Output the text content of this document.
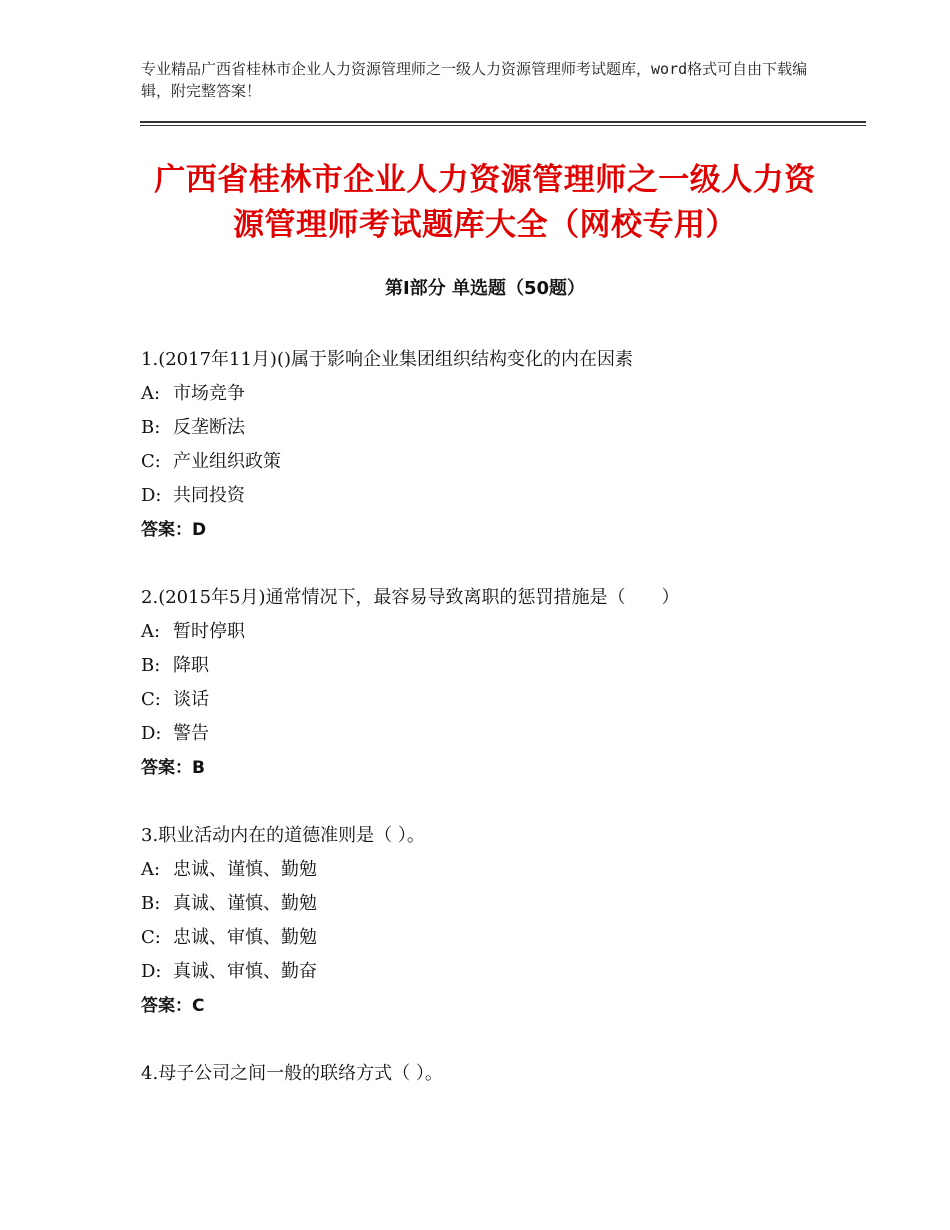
专业精品广西省桂林市企业人力资源管理师之一级人力资源管理师考试题库，word格式可自由下载编辑，附完整答案！
广西省桂林市企业人力资源管理师之一级人力资源管理师考试题库大全（网校专用）
第Ⅰ部分 单选题（50题）
1.(2017年11月)()属于影响企业集团组织结构变化的内在因素
A: 市场竞争
B: 反垄断法
C: 产业组织政策
D: 共同投资
答案：D
2.(2015年5月)通常情况下，最容易导致离职的惩罚措施是（　　）
A: 暂时停职
B: 降职
C: 谈话
D: 警告
答案：B
3.职业活动内在的道德准则是（ ）。
A: 忠诚、谨慎、勤勉
B: 真诚、谨慎、勤勉
C: 忠诚、审慎、勤勉
D: 真诚、审慎、勤奋
答案：C
4.母子公司之间一般的联络方式（ ）。
